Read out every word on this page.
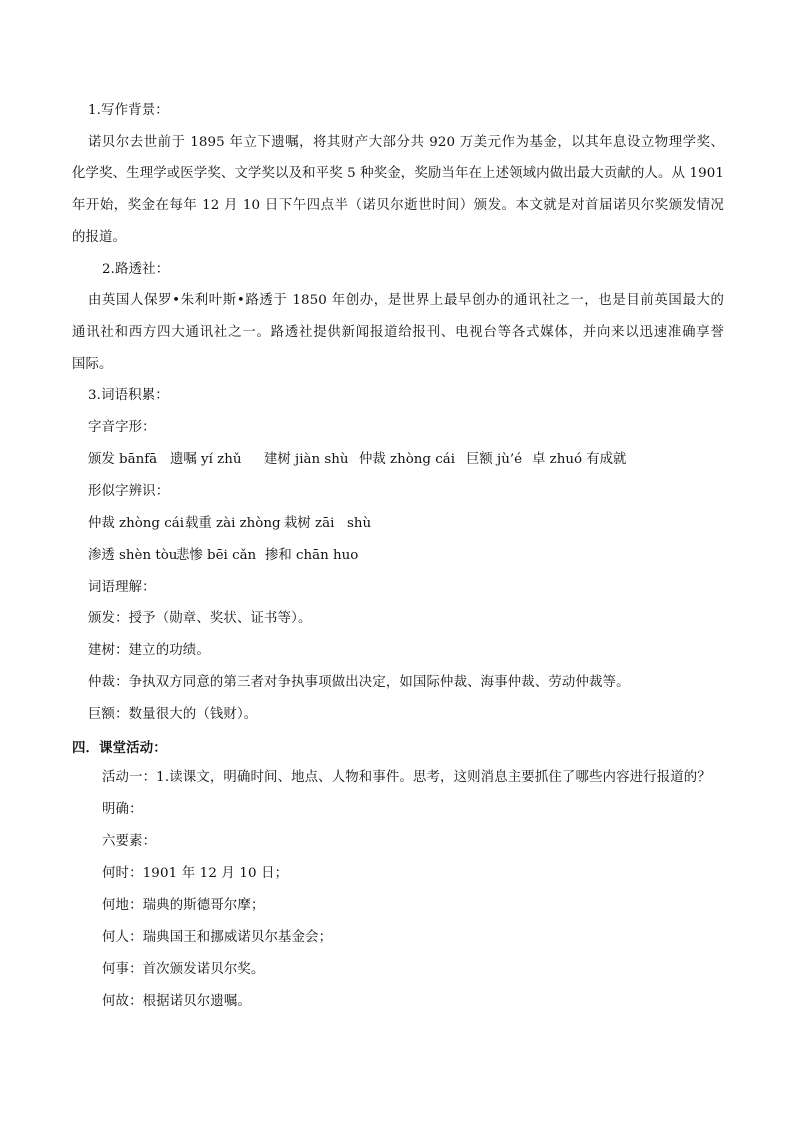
1.写作背景：
诺贝尔去世前于 1895 年立下遗嘱，将其财产大部分共 920 万美元作为基金，以其年息设立物理学奖、
化学奖、生理学或医学奖、文学奖以及和平奖 5 种奖金，奖励当年在上述领域内做出最大贡献的人。从 1901
年开始，奖金在每年 12 月 10 日下午四点半（诺贝尔逝世时间）颁发。本文就是对首届诺贝尔奖颁发情况
的报道。
2.路透社：
由英国人保罗•朱利叶斯•路透于 1850 年创办，是世界上最早创办的通讯社之一，也是目前英国最大的
通讯社和西方四大通讯社之一。路透社提供新闻报道给报刊、电视台等各式媒体，并向来以迅速准确享誉
国际。
3.词语积累：
字音字形：
颁发 bānfā 遗嘱 yí zhǔ 建树 jiàn shù 仲裁 zhòng cái 巨额 jù’é 卓 zhuó 有成就
形似字辨识：
仲裁 zhòng cái 载重 zài zhòng 栽树 zāi shù
渗透 shèn tòu
悲惨 bēi cǎn 掺和 chān huo
词语理解：
颁发：授予（勋章、奖状、证书等）。
建树：建立的功绩。
仲裁：争执双方同意的第三者对争执事项做出决定，如国际仲裁、海事仲裁、劳动仲裁等。
巨额：数量很大的（钱财）。
四．课堂活动：
活动一：1.读课文，明确时间、地点、人物和事件。思考，这则消息主要抓住了哪些内容进行报道的？
明确：
六要素：
何时：1901 年 12 月 10 日；
何地：瑞典的斯德哥尔摩；
何人：瑞典国王和挪威诺贝尔基金会；
何事：首次颁发诺贝尔奖。
何故：根据诺贝尔遗嘱。
